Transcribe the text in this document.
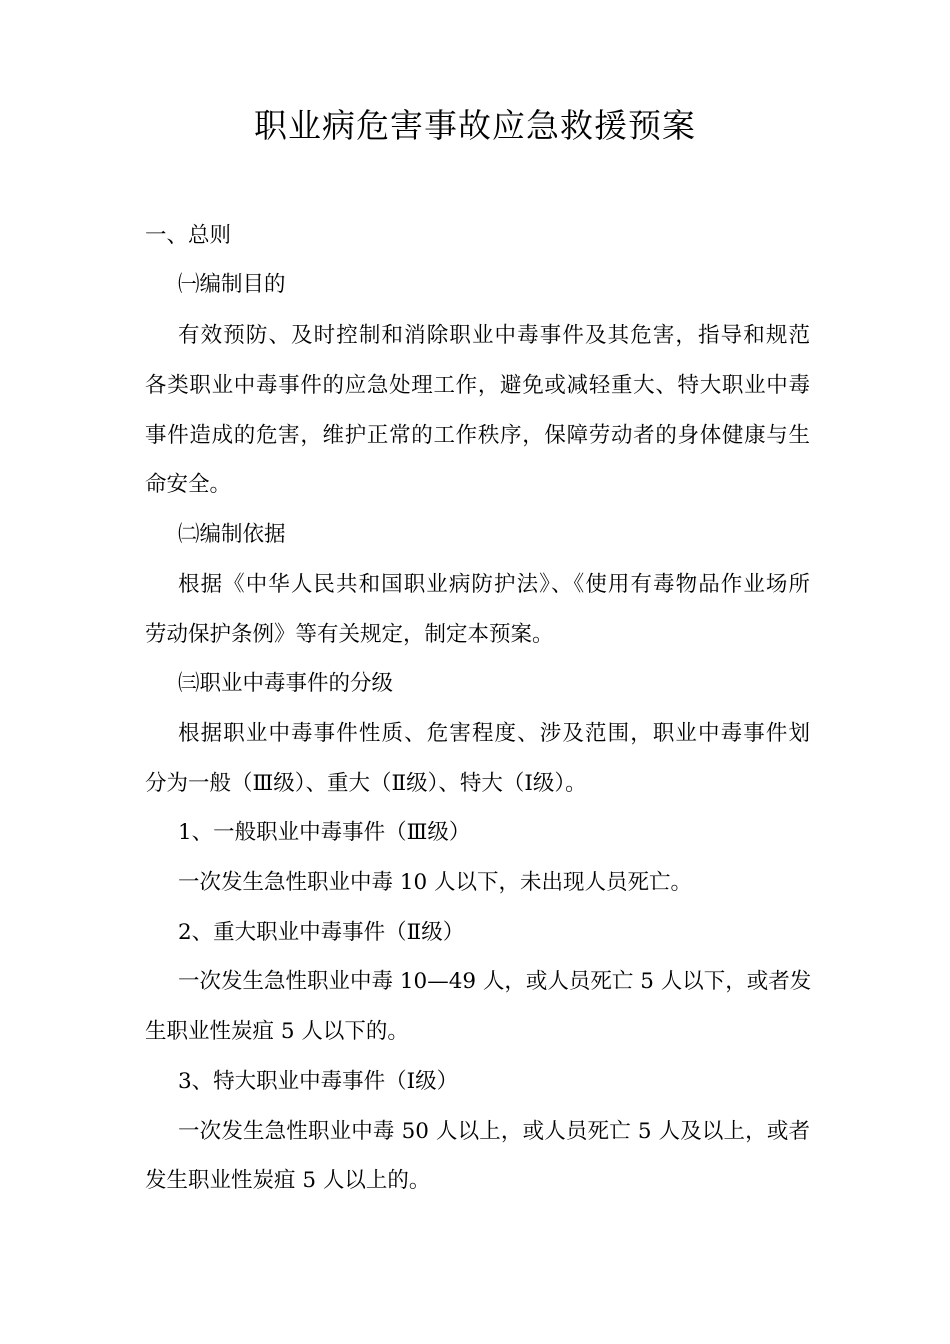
职业病危害事故应急救援预案

一、总则

㈠编制目的

有效预防、及时控制和消除职业中毒事件及其危害，指导和规范

各类职业中毒事件的应急处理工作，避免或减轻重大、特大职业中毒

事件造成的危害，维护正常的工作秩序，保障劳动者的身体健康与生

命安全。

㈡编制依据

根据《中华人民共和国职业病防护法》、《使用有毒物品作业场所

劳动保护条例》等有关规定，制定本预案。

㈢职业中毒事件的分级

根据职业中毒事件性质、危害程度、涉及范围，职业中毒事件划

分为一般（Ⅲ级）、重大（Ⅱ级）、特大（Ⅰ级）。

1、一般职业中毒事件（Ⅲ级）

一次发生急性职业中毒 10 人以下，未出现人员死亡。

2、重大职业中毒事件（Ⅱ级）

一次发生急性职业中毒 10—49 人，或人员死亡 5 人以下，或者发

生职业性炭疽 5 人以下的。

3、特大职业中毒事件（Ⅰ级）

一次发生急性职业中毒 50 人以上，或人员死亡 5 人及以上，或者

发生职业性炭疽 5 人以上的。
